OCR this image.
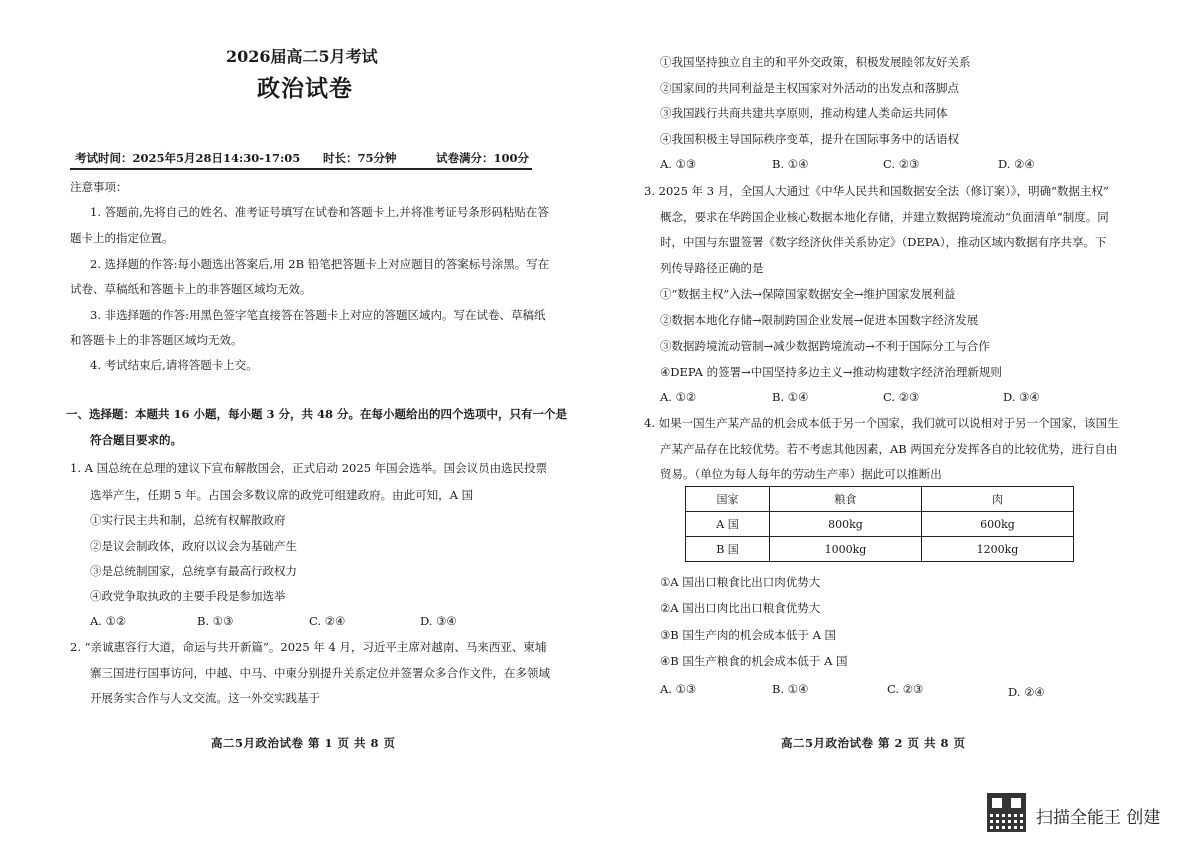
2026届高二5月考试
政治试卷
考试时间：2025年5月28日14:30-17:05 时长：75分钟	试卷满分：100分
注意事项：
1. 答题前,先将自己的姓名、准考证号填写在试卷和答题卡上,并将准考证号条形码粘贴在答
题卡上的指定位置。
2. 选择题的作答:每小题选出答案后,用 2B 铅笔把答题卡上对应题目的答案标号涂黑。写在
试卷、草稿纸和答题卡上的非答题区域均无效。
3. 非选择题的作答:用黑色签字笔直接答在答题卡上对应的答题区域内。写在试卷、草稿纸
和答题卡上的非答题区域均无效。
4. 考试结束后,请将答题卡上交。
一、选择题：本题共 16 小题，每小题 3 分，共 48 分。在每小题给出的四个选项中，只有一个是
符合题目要求的。
1. A 国总统在总理的建议下宣布解散国会，正式启动 2025 年国会选举。国会议员由选民投票
选举产生，任期 5 年。占国会多数议席的政党可组建政府。由此可知，A 国
①实行民主共和制，总统有权解散政府
②是议会制政体，政府以议会为基础产生
③是总统制国家，总统享有最高行政权力
④政党争取执政的主要手段是参加选举
A. ①②	B. ①③	C. ②④	D. ③④
2. “亲诚惠容行大道，命运与共开新篇”。2025 年 4 月，习近平主席对越南、马来西亚、柬埔
寨三国进行国事访问，中越、中马、中柬分别提升关系定位并签署众多合作文件，在多领域
开展务实合作与人文交流。这一外交实践基于
高二5月政治试卷 第 1 页 共 8 页
①我国坚持独立自主的和平外交政策，积极发展睦邻友好关系
②国家间的共同利益是主权国家对外活动的出发点和落脚点
③我国践行共商共建共享原则，推动构建人类命运共同体
④我国积极主导国际秩序变革，提升在国际事务中的话语权
A. ①③	B. ①④	C. ②③	D. ②④
3. 2025 年 3 月，全国人大通过《中华人民共和国数据安全法（修订案）》，明确“数据主权”
概念，要求在华跨国企业核心数据本地化存储，并建立数据跨境流动“负面清单”制度。同
时，中国与东盟签署《数字经济伙伴关系协定》（DEPA），推动区域内数据有序共享。下
列传导路径正确的是
①“数据主权”入法→保障国家数据安全→维护国家发展利益
②数据本地化存储→限制跨国企业发展→促进本国数字经济发展
③数据跨境流动管制→减少数据跨境流动→不利于国际分工与合作
④DEPA 的签署→中国坚持多边主义→推动构建数字经济治理新规则
A. ①②	B. ①④	C. ②③	D. ③④
4. 如果一国生产某产品的机会成本低于另一个国家，我们就可以说相对于另一个国家，该国生
产某产品存在比较优势。若不考虑其他因素，AB 两国充分发挥各自的比较优势，进行自由
贸易。（单位为每人每年的劳动生产率）据此可以推断出
国家	粮食	肉
A 国	800kg	600kg
B 国	1000kg	1200kg
①A 国出口粮食比出口肉优势大
②A 国出口肉比出口粮食优势大
③B 国生产肉的机会成本低于 A 国
④B 国生产粮食的机会成本低于 A 国
A. ①③	B. ①④	C. ②③	D. ②④
高二5月政治试卷 第 2 页 共 8 页
扫描全能王 创建
